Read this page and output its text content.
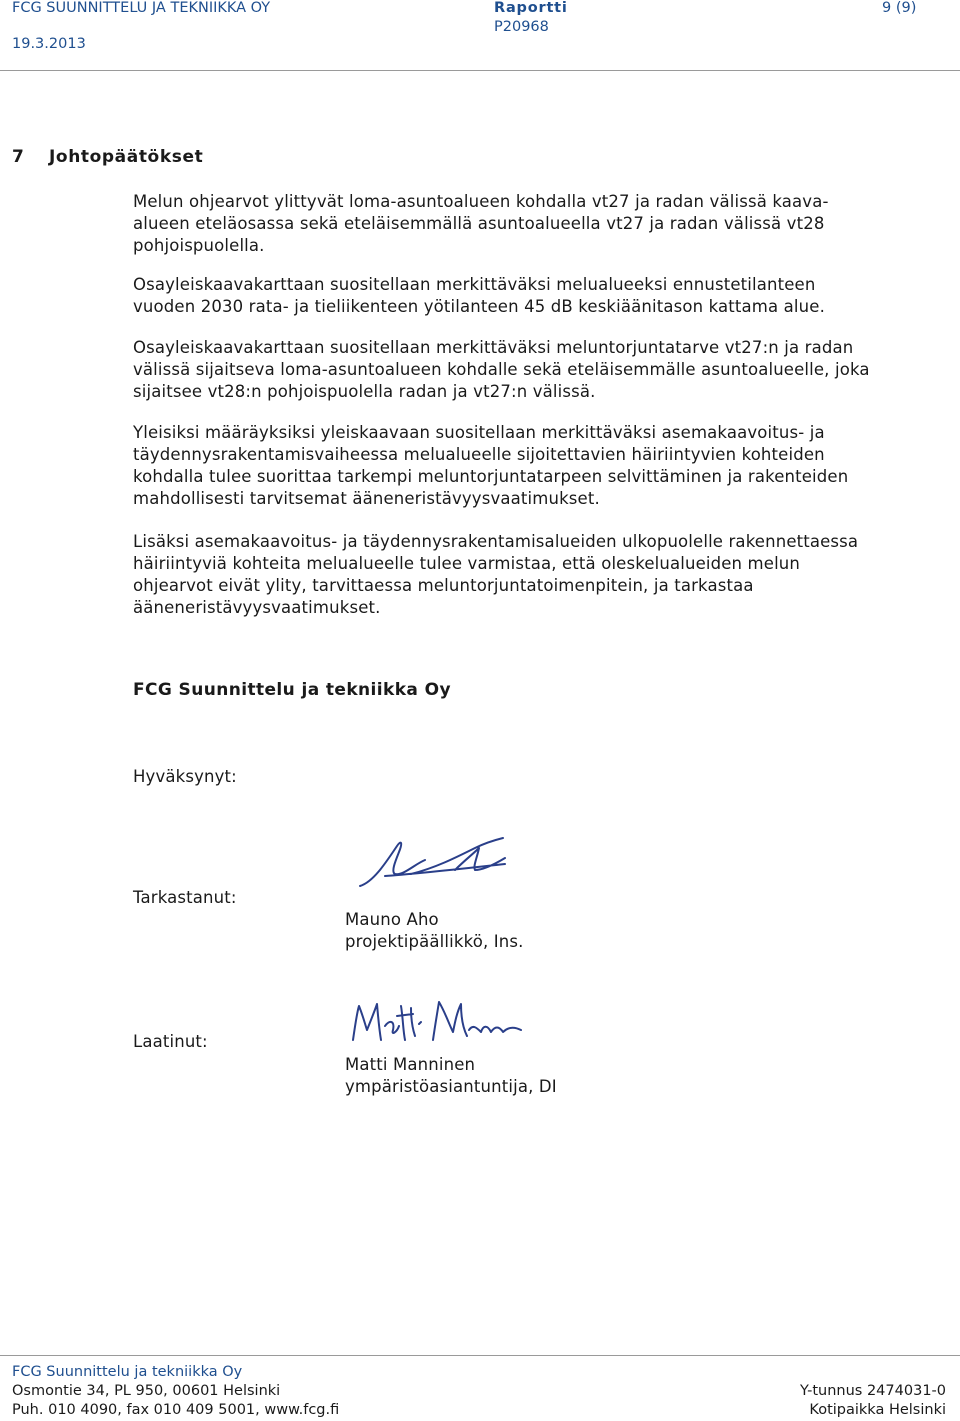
FCG SUUNNITTELU JA TEKNIIKKA OY
19.3.2013
Raportti
P20968
9 (9)
7 Johtopäätökset
Melun ohjearvot ylittyvät loma-asuntoalueen kohdalla vt27 ja radan välissä kaava-
alueen eteläosassa sekä eteläisemmällä asuntoalueella vt27 ja radan välissä vt28
pohjoispuolella.
Osayleiskaavakarttaan suositellaan merkittäväksi melualueeksi ennustetilanteen
vuoden 2030 rata- ja tieliikenteen yötilanteen 45 dB keskiäänitason kattama alue.
Osayleiskaavakarttaan suositellaan merkittäväksi meluntorjuntatarve vt27:n ja radan
välissä sijaitseva loma-asuntoalueen kohdalle sekä eteläisemmälle asuntoalueelle, joka
sijaitsee vt28:n pohjoispuolella radan ja vt27:n välissä.
Yleisiksi määräyksiksi yleiskaavaan suositellaan merkittäväksi asemakaavoitus- ja
täydennysrakentamisvaiheessa melualueelle sijoitettavien häiriintyvien kohteiden
kohdalla tulee suorittaa tarkempi meluntorjuntatarpeen selvittäminen ja rakenteiden
mahdollisesti tarvitsemat ääneneristävyysvaatimukset.
Lisäksi asemakaavoitus- ja täydennysrakentamisalueiden ulkopuolelle rakennettaessa
häiriintyviä kohteita melualueelle tulee varmistaa, että oleskelualueiden melun
ohjearvot eivät ylity, tarvittaessa meluntorjuntatoimenpitein, ja tarkastaa
ääneneristävyysvaatimukset.
FCG Suunnittelu ja tekniikka Oy
Hyväksynyt:
Tarkastanut:
Mauno Aho
projektipäällikkö, Ins.
Laatinut:
Matti Manninen
ympäristöasiantuntija, DI
FCG Suunnittelu ja tekniikka Oy
Osmontie 34, PL 950, 00601 Helsinki
Puh. 010 4090, fax 010 409 5001, www.fcg.fi
Y-tunnus 2474031-0
Kotipaikka Helsinki
